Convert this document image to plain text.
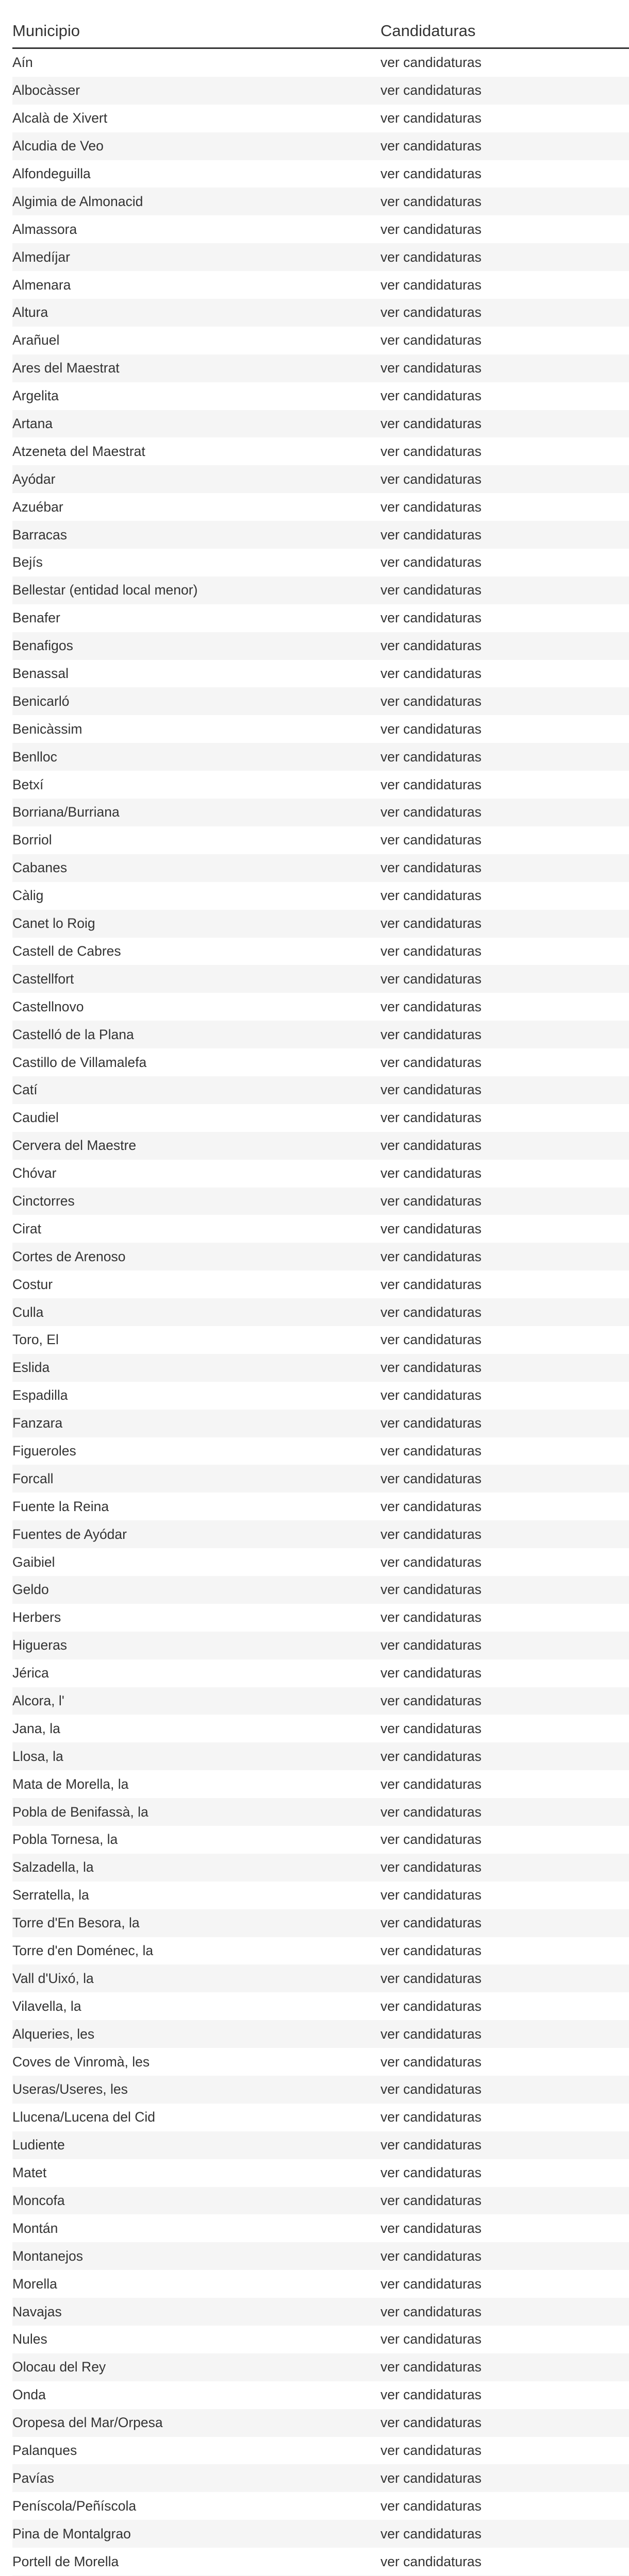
Municipio	Candidaturas
Aín	ver candidaturas
Albocàsser	ver candidaturas
Alcalà de Xivert	ver candidaturas
Alcudia de Veo	ver candidaturas
Alfondeguilla	ver candidaturas
Algimia de Almonacid	ver candidaturas
Almassora	ver candidaturas
Almedíjar	ver candidaturas
Almenara	ver candidaturas
Altura	ver candidaturas
Arañuel	ver candidaturas
Ares del Maestrat	ver candidaturas
Argelita	ver candidaturas
Artana	ver candidaturas
Atzeneta del Maestrat	ver candidaturas
Ayódar	ver candidaturas
Azuébar	ver candidaturas
Barracas	ver candidaturas
Bejís	ver candidaturas
Bellestar (entidad local menor)	ver candidaturas
Benafer	ver candidaturas
Benafigos	ver candidaturas
Benassal	ver candidaturas
Benicarló	ver candidaturas
Benicàssim	ver candidaturas
Benlloc	ver candidaturas
Betxí	ver candidaturas
Borriana/Burriana	ver candidaturas
Borriol	ver candidaturas
Cabanes	ver candidaturas
Càlig	ver candidaturas
Canet lo Roig	ver candidaturas
Castell de Cabres	ver candidaturas
Castellfort	ver candidaturas
Castellnovo	ver candidaturas
Castelló de la Plana	ver candidaturas
Castillo de Villamalefa	ver candidaturas
Catí	ver candidaturas
Caudiel	ver candidaturas
Cervera del Maestre	ver candidaturas
Chóvar	ver candidaturas
Cinctorres	ver candidaturas
Cirat	ver candidaturas
Cortes de Arenoso	ver candidaturas
Costur	ver candidaturas
Culla	ver candidaturas
Toro, El	ver candidaturas
Eslida	ver candidaturas
Espadilla	ver candidaturas
Fanzara	ver candidaturas
Figueroles	ver candidaturas
Forcall	ver candidaturas
Fuente la Reina	ver candidaturas
Fuentes de Ayódar	ver candidaturas
Gaibiel	ver candidaturas
Geldo	ver candidaturas
Herbers	ver candidaturas
Higueras	ver candidaturas
Jérica	ver candidaturas
Alcora, l'	ver candidaturas
Jana, la	ver candidaturas
Llosa, la	ver candidaturas
Mata de Morella, la	ver candidaturas
Pobla de Benifassà, la	ver candidaturas
Pobla Tornesa, la	ver candidaturas
Salzadella, la	ver candidaturas
Serratella, la	ver candidaturas
Torre d'En Besora, la	ver candidaturas
Torre d'en Doménec, la	ver candidaturas
Vall d'Uixó, la	ver candidaturas
Vilavella, la	ver candidaturas
Alqueries, les	ver candidaturas
Coves de Vinromà, les	ver candidaturas
Useras/Useres, les	ver candidaturas
Llucena/Lucena del Cid	ver candidaturas
Ludiente	ver candidaturas
Matet	ver candidaturas
Moncofa	ver candidaturas
Montán	ver candidaturas
Montanejos	ver candidaturas
Morella	ver candidaturas
Navajas	ver candidaturas
Nules	ver candidaturas
Olocau del Rey	ver candidaturas
Onda	ver candidaturas
Oropesa del Mar/Orpesa	ver candidaturas
Palanques	ver candidaturas
Pavías	ver candidaturas
Peníscola/Peñíscola	ver candidaturas
Pina de Montalgrao	ver candidaturas
Portell de Morella	ver candidaturas
